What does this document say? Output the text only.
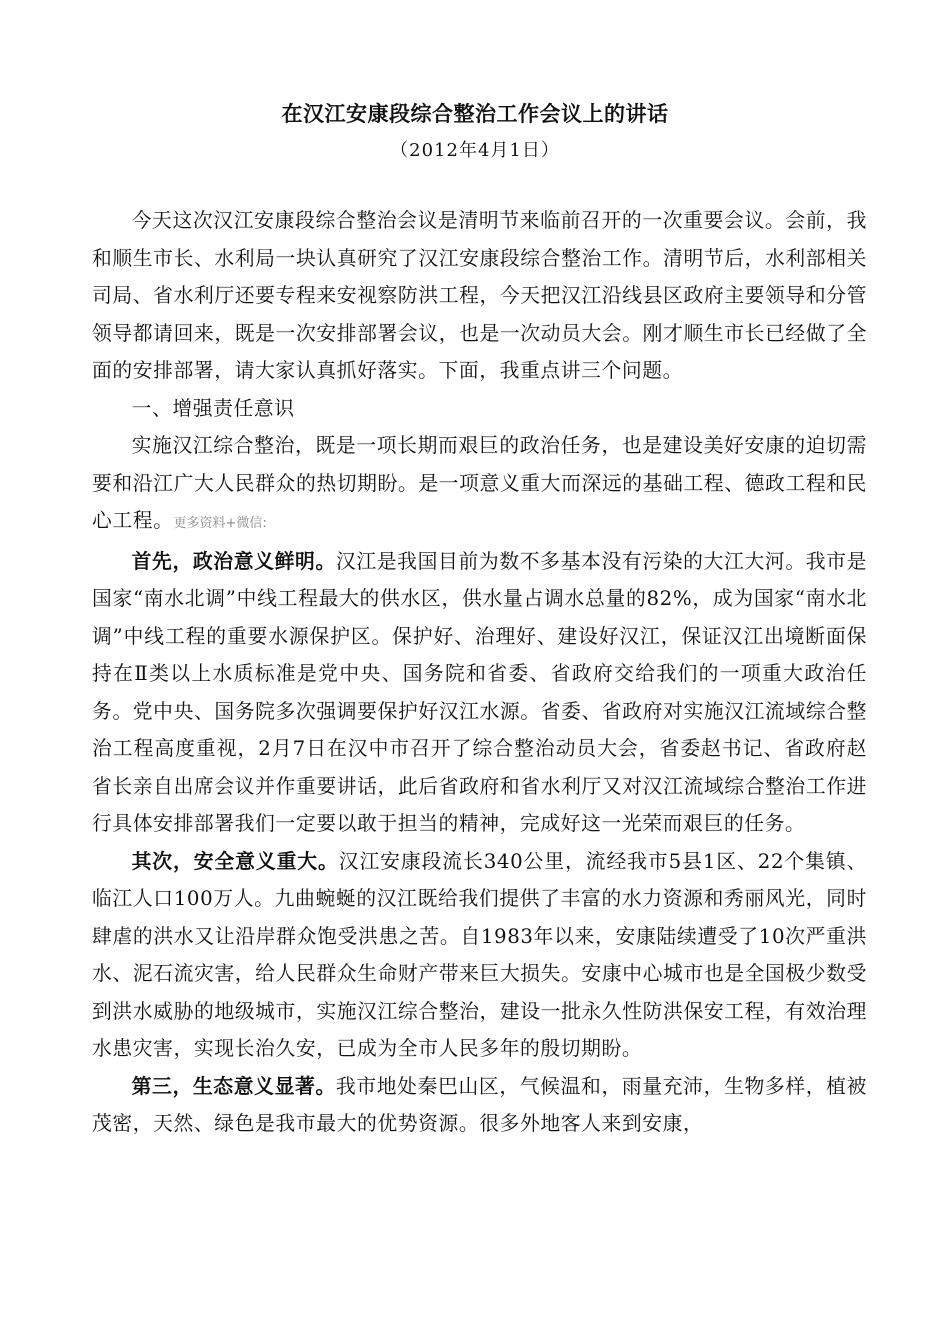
在汉江安康段综合整治工作会议上的讲话
（2012年4月1日）

今天这次汉江安康段综合整治会议是清明节来临前召开的一次重要会议。会前，我和顺生市长、水利局一块认真研究了汉江安康段综合整治工作。清明节后，水利部相关司局、省水利厅还要专程来安视察防洪工程，今天把汉江沿线县区政府主要领导和分管领导都请回来，既是一次安排部署会议，也是一次动员大会。刚才顺生市长已经做了全面的安排部署，请大家认真抓好落实。下面，我重点讲三个问题。

一、增强责任意识

实施汉江综合整治，既是一项长期而艰巨的政治任务，也是建设美好安康的迫切需要和沿江广大人民群众的热切期盼。是一项意义重大而深远的基础工程、德政工程和民心工程。更多资料+微信:

首先，政治意义鲜明。汉江是我国目前为数不多基本没有污染的大江大河。我市是国家“南水北调”中线工程最大的供水区，供水量占调水总量的82%，成为国家“南水北调”中线工程的重要水源保护区。保护好、治理好、建设好汉江，保证汉江出境断面保持在Ⅱ类以上水质标准是党中央、国务院和省委、省政府交给我们的一项重大政治任务。党中央、国务院多次强调要保护好汉江水源。省委、省政府对实施汉江流域综合整治工程高度重视，2月7日在汉中市召开了综合整治动员大会，省委赵书记、省政府赵省长亲自出席会议并作重要讲话，此后省政府和省水利厅又对汉江流域综合整治工作进行具体安排部署我们一定要以敢于担当的精神，完成好这一光荣而艰巨的任务。

其次，安全意义重大。汉江安康段流长340公里，流经我市5县1区、22个集镇、临江人口100万人。九曲蜿蜒的汉江既给我们提供了丰富的水力资源和秀丽风光，同时肆虐的洪水又让沿岸群众饱受洪患之苦。自1983年以来，安康陆续遭受了10次严重洪水、泥石流灾害，给人民群众生命财产带来巨大损失。安康中心城市也是全国极少数受到洪水威胁的地级城市，实施汉江综合整治，建设一批永久性防洪保安工程，有效治理水患灾害，实现长治久安，已成为全市人民多年的殷切期盼。

第三，生态意义显著。我市地处秦巴山区，气候温和，雨量充沛，生物多样，植被茂密，天然、绿色是我市最大的优势资源。很多外地客人来到安康，
